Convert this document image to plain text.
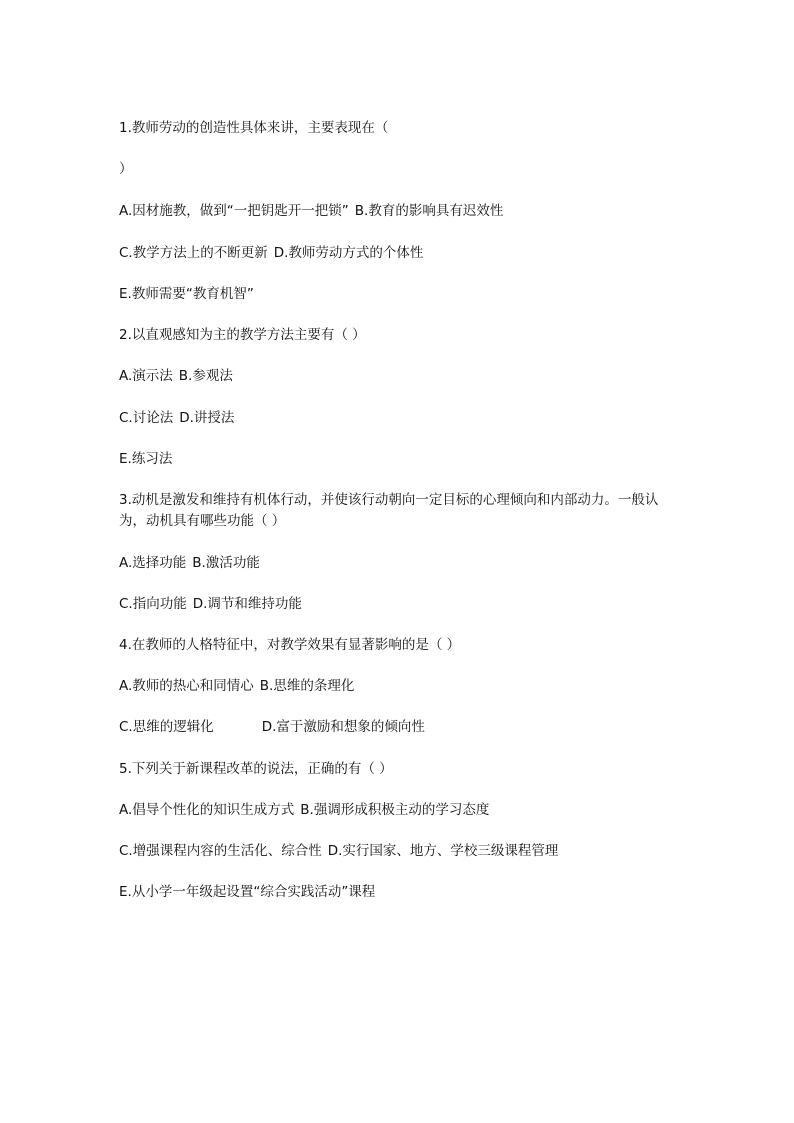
1.教师劳动的创造性具体来讲，主要表现在（
）
A.因材施教，做到“一把钥匙开一把锁” B.教育的影响具有迟效性
C.教学方法上的不断更新 D.教师劳动方式的个体性
E.教师需要“教育机智”
2.以直观感知为主的教学方法主要有（ ）
A.演示法 B.参观法
C.讨论法 D.讲授法
E.练习法
3.动机是激发和维持有机体行动，并使该行动朝向一定目标的心理倾向和内部动力。一般认为，动机具有哪些功能（ ）
A.选择功能 B.激活功能
C.指向功能 D.调节和维持功能
4.在教师的人格特征中，对教学效果有显著影响的是（ ）
A.教师的热心和同情心 B.思维的条理化
C.思维的逻辑化	D.富于激励和想象的倾向性
5.下列关于新课程改革的说法，正确的有（ ）
A.倡导个性化的知识生成方式 B.强调形成积极主动的学习态度
C.增强课程内容的生活化、综合性 D.实行国家、地方、学校三级课程管理
E.从小学一年级起设置“综合实践活动”课程
